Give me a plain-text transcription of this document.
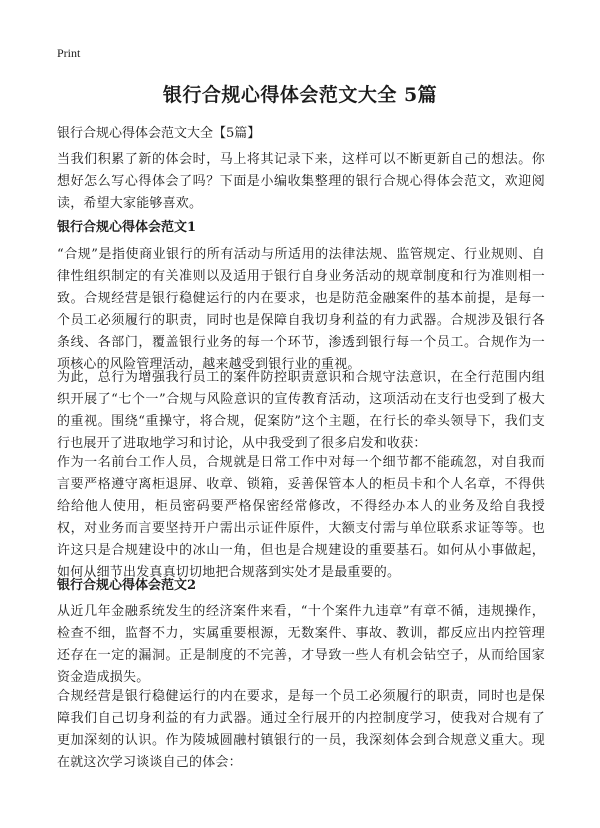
Print
银行合规心得体会范文大全 5篇
银行合规心得体会范文大全【5篇】

当我们积累了新的体会时，马上将其记录下来，这样可以不断更新自己的想法。你想好怎么写心得体会了吗？下面是小编收集整理的银行合规心得体会范文，欢迎阅读，希望大家能够喜欢。

银行合规心得体会范文1

“合规”是指使商业银行的所有活动与所适用的法律法规、监管规定、行业规则、自律性组织制定的有关准则以及适用于银行自身业务活动的规章制度和行为准则相一致。合规经营是银行稳健运行的内在要求，也是防范金融案件的基本前提，是每一个员工必须履行的职责，同时也是保障自我切身利益的有力武器。合规涉及银行各条线、各部门，覆盖银行业务的每一个环节，渗透到银行每一个员工。合规作为一项核心的风险管理活动，越来越受到银行业的重视。

为此，总行为增强我行员工的案件防控职责意识和合规守法意识，在全行范围内组织开展了“七个一”合规与风险意识的宣传教育活动，这项活动在支行也受到了极大的重视。围绕“重操守，将合规，促案防”这个主题，在行长的牵头领导下，我们支行也展开了进取地学习和讨论，从中我受到了很多启发和收获：

作为一名前台工作人员，合规就是日常工作中对每一个细节都不能疏忽，对自我而言要严格遵守离柜退屏、收章、锁箱，妥善保管本人的柜员卡和个人名章，不得供给给他人使用，柜员密码要严格保密经常修改，不得经办本人的业务及给自我授权，对业务而言要坚持开户需出示证件原件，大额支付需与单位联系求证等等。也许这只是合规建设中的冰山一角，但也是合规建设的重要基石。如何从小事做起，如何从细节出发真真切切地把合规落到实处才是最重要的。

银行合规心得体会范文2

从近几年金融系统发生的经济案件来看，“十个案件九违章”有章不循，违规操作，检查不细，监督不力，实属重要根源，无数案件、事故、教训，都反应出内控管理还存在一定的漏洞。正是制度的不完善，才导致一些人有机会钻空子，从而给国家资金造成损失。

合规经营是银行稳健运行的内在要求，是每一个员工必须履行的职责，同时也是保障我们自己切身利益的有力武器。通过全行展开的内控制度学习，使我对合规有了更加深刻的认识。作为陵城圆融村镇银行的一员，我深刻体会到合规意义重大。现在就这次学习谈谈自己的体会：
